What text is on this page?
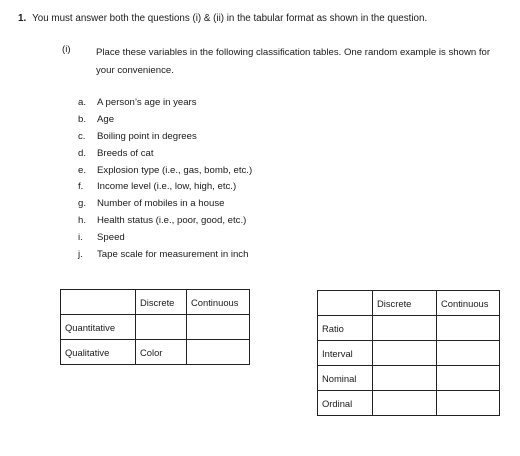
1. You must answer both the questions (i) & (ii) in the tabular format as shown in the question.
(i)	Place these variables in the following classification tables. One random example is shown for your convenience.

a.	A person’s age in years
b.	Age
c.	Boiling point in degrees
d.	Breeds of cat
e.	Explosion type (i.e., gas, bomb, etc.)
f.	Income level (i.e., low, high, etc.)
g.	Number of mobiles in a house
h.	Health status (i.e., poor, good, etc.)
i.	Speed
j.	Tape scale for measurement in inch
	Discrete	Continuous
Quantitative		
Qualitative	Color	
	Discrete	Continuous
Ratio		
Interval		
Nominal		
Ordinal		
